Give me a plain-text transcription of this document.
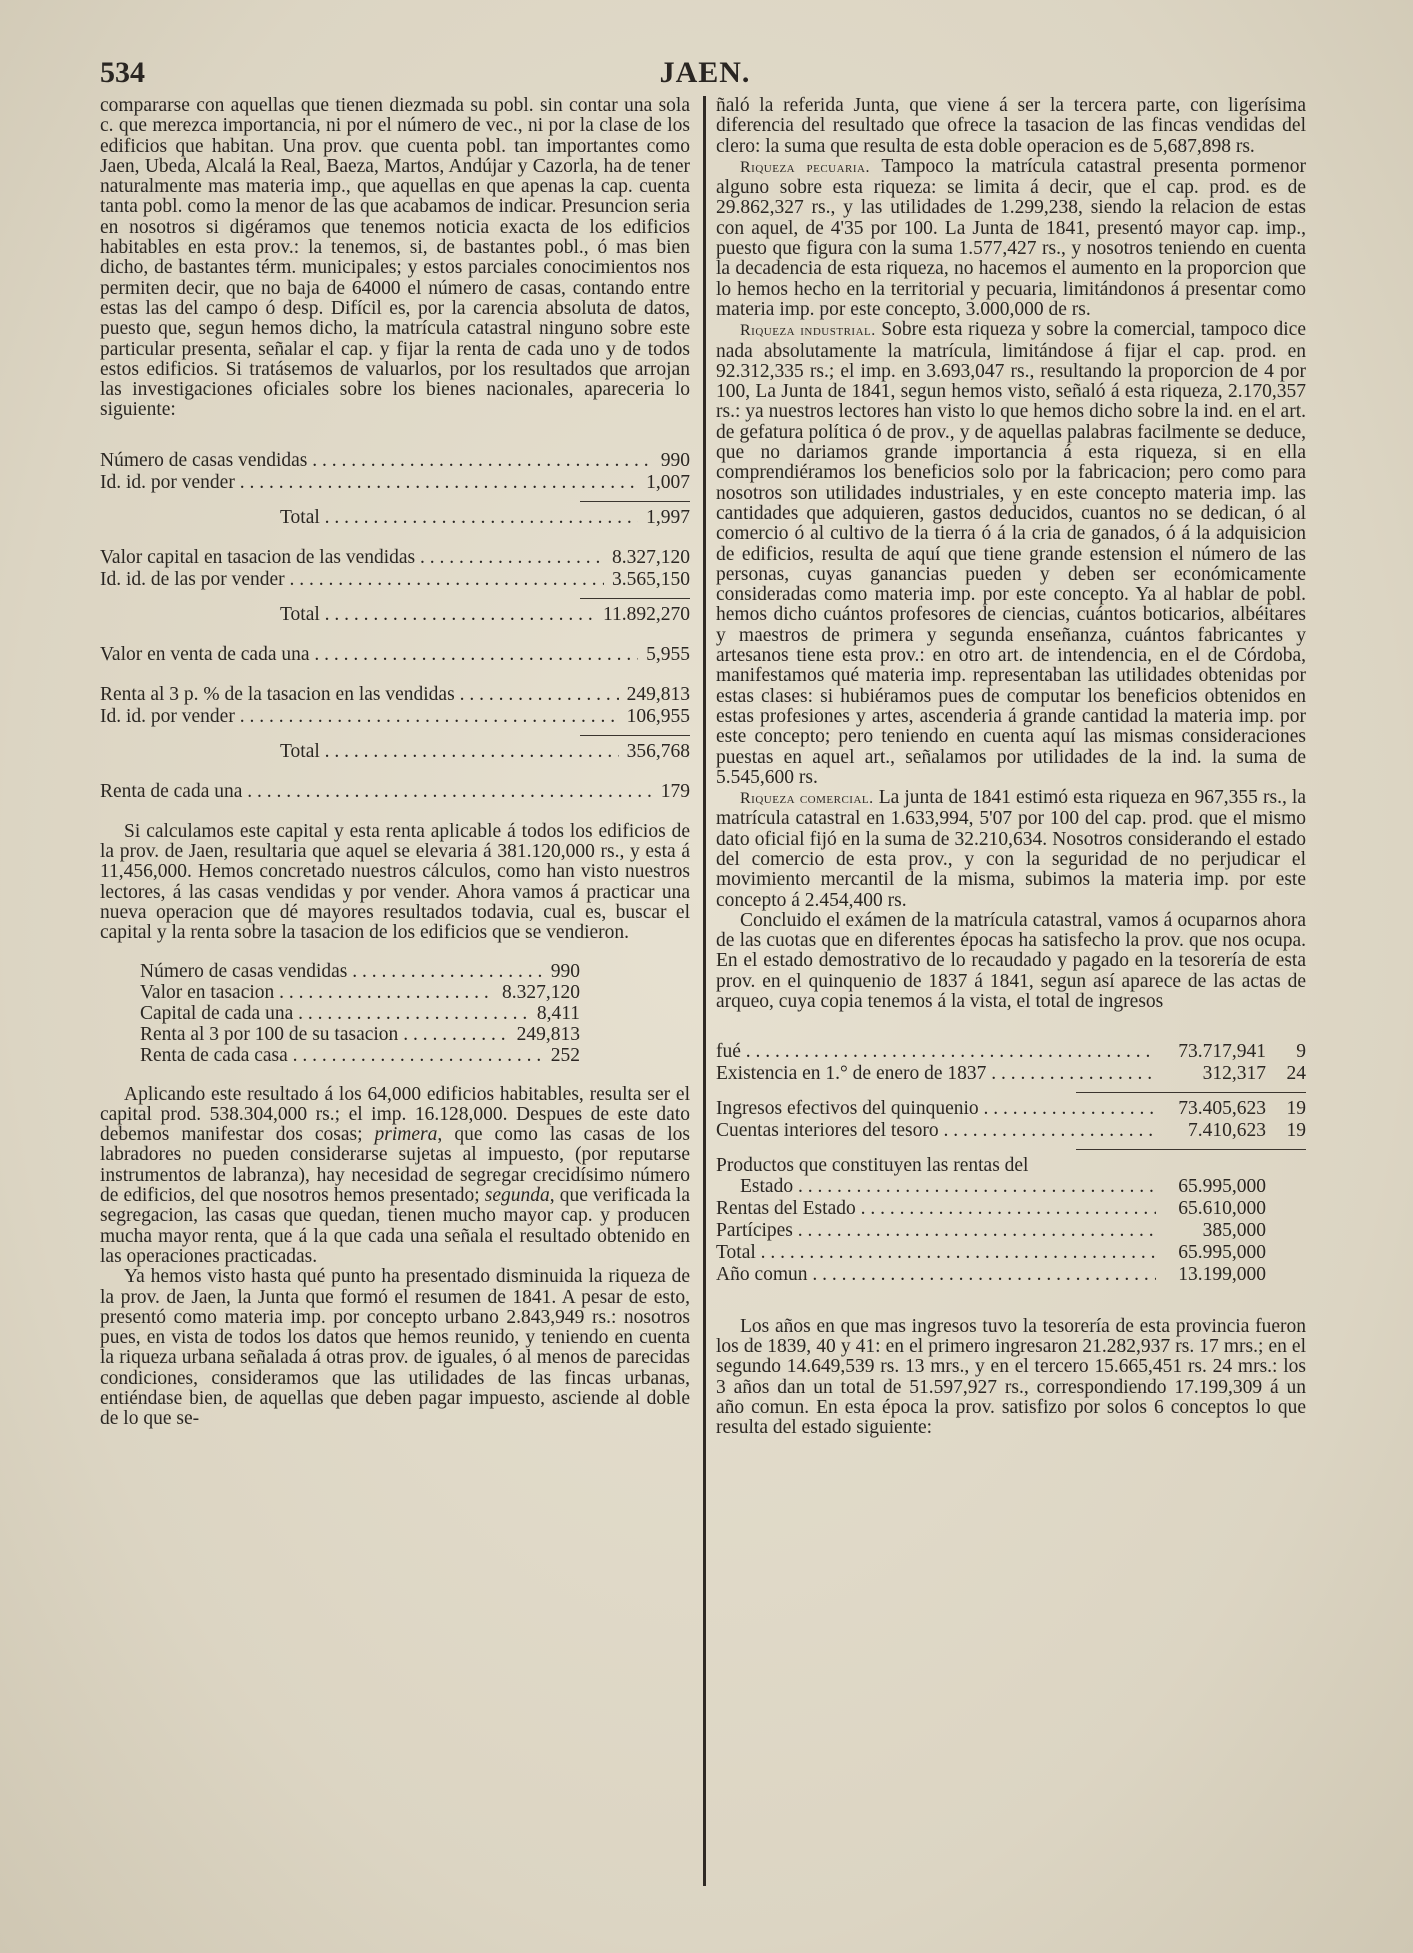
534	JAEN.

compararse con aquellas que tienen diezmada su pobl. sin contar una sola c. que merezca importancia, ni por el número de vec., ni por la clase de los edificios que habitan. Una prov. que cuenta pobl. tan importantes como Jaen, Ubeda, Alcalá la Real, Baeza, Martos, Andújar y Cazorla, ha de tener naturalmente mas materia imp., que aquellas en que apenas la cap. cuenta tanta pobl. como la menor de las que acabamos de indicar. Presuncion seria en nosotros si digéramos que tenemos noticia exacta de los edificios habitables en esta prov.: la tenemos, si, de bastantes pobl., ó mas bien dicho, de bastantes térm. municipales; y estos parciales conocimientos nos permiten decir, que no baja de 64000 el número de casas, contando entre estas las del campo ó desp. Difícil es, por la carencia absoluta de datos, puesto que, segun hemos dicho, la matrícula catastral ninguno sobre este particular presenta, señalar el cap. y fijar la renta de cada uno y de todos estos edificios. Si tratásemos de valuarlos, por los resultados que arrojan las investigaciones oficiales sobre los bienes nacionales, apareceria lo siguiente:

Número de casas vendidas . . .	990
Id. id. por vender . . .	1,007
Total . . .	1,997
Valor capital en tasacion de las vendidas . . .	8.327,120
Id. id. de las por vender . . .	3.565,150
Total . . .	11.892,270
Valor en venta de cada una . . .	5,955
Renta al 3 p. % de la tasacion en las vendidas . . .	249,813
Id. id. por vender . . .	106,955
Total . . .	356,768
Renta de cada una . . .	179

Si calculamos este capital y esta renta aplicable á todos los edificios de la prov. de Jaen, resultaria que aquel se elevaria á 381.120,000 rs., y esta á 11,456,000. Hemos concretado nuestros cálculos, como han visto nuestros lectores, á las casas vendidas y por vender. Ahora vamos á practicar una nueva operacion que dé mayores resultados todavia, cual es, buscar el capital y la renta sobre la tasacion de los edificios que se vendieron.

Número de casas vendidas . . .	990
Valor en tasacion . . .	8.327,120
Capital de cada una . . .	8,411
Renta al 3 por 100 de su tasacion . . .	249,813
Renta de cada casa . . .	252

Aplicando este resultado á los 64,000 edificios habitables, resulta ser el capital prod. 538.304,000 rs.; el imp. 16.128,000. Despues de este dato debemos manifestar dos cosas; primera, que como las casas de los labradores no pueden considerarse sujetas al impuesto, (por reputarse instrumentos de labranza), hay necesidad de segregar crecidísimo número de edificios, del que nosotros hemos presentado; segunda, que verificada la segregacion, las casas que quedan, tienen mucho mayor cap. y producen mucha mayor renta, que á la que cada una señala el resultado obtenido en las operaciones practicadas.

Ya hemos visto hasta qué punto ha presentado disminuida la riqueza de la prov. de Jaen, la Junta que formó el resumen de 1841. A pesar de esto, presentó como materia imp. por concepto urbano 2.843,949 rs.: nosotros pues, en vista de todos los datos que hemos reunido, y teniendo en cuenta la riqueza urbana señalada á otras prov. de iguales, ó al menos de parecidas condiciones, consideramos que las utilidades de las fincas urbanas, entiéndase bien, de aquellas que deben pagar impuesto, asciende al doble de lo que se-

ñaló la referida Junta, que viene á ser la tercera parte, con ligerísima diferencia del resultado que ofrece la tasacion de las fincas vendidas del clero: la suma que resulta de esta doble operacion es de 5,687,898 rs.

Riqueza pecuaria. Tampoco la matrícula catastral presenta pormenor alguno sobre esta riqueza: se limita á decir, que el cap. prod. es de 29.862,327 rs., y las utilidades de 1.299,238, siendo la relacion de estas con aquel, de 4'35 por 100. La Junta de 1841, presentó mayor cap. imp., puesto que figura con la suma 1.577,427 rs., y nosotros teniendo en cuenta la decadencia de esta riqueza, no hacemos el aumento en la proporcion que lo hemos hecho en la territorial y pecuaria, limitándonos á presentar como materia imp. por este concepto, 3.000,000 de rs.

Riqueza industrial. Sobre esta riqueza y sobre la comercial, tampoco dice nada absolutamente la matrícula, limitándose á fijar el cap. prod. en 92.312,335 rs.; el imp. en 3.693,047 rs., resultando la proporcion de 4 por 100, La Junta de 1841, segun hemos visto, señaló á esta riqueza, 2.170,357 rs.: ya nuestros lectores han visto lo que hemos dicho sobre la ind. en el art. de gefatura política ó de prov., y de aquellas palabras facilmente se deduce, que no dariamos grande importancia á esta riqueza, si en ella comprendiéramos los beneficios solo por la fabricacion; pero como para nosotros son utilidades industriales, y en este concepto materia imp. las cantidades que adquieren, gastos deducidos, cuantos no se dedican, ó al comercio ó al cultivo de la tierra ó á la cria de ganados, ó á la adquisicion de edificios, resulta de aquí que tiene grande estension el número de las personas, cuyas ganancias pueden y deben ser económicamente consideradas como materia imp. por este concepto. Ya al hablar de pobl. hemos dicho cuántos profesores de ciencias, cuántos boticarios, albéitares y maestros de primera y segunda enseñanza, cuántos fabricantes y artesanos tiene esta prov.: en otro art. de intendencia, en el de Córdoba, manifestamos qué materia imp. representaban las utilidades obtenidas por estas clases: si hubiéramos pues de computar los beneficios obtenidos en estas profesiones y artes, ascenderia á grande cantidad la materia imp. por este concepto; pero teniendo en cuenta aquí las mismas consideraciones puestas en aquel art., señalamos por utilidades de la ind. la suma de 5.545,600 rs.

Riqueza comercial. La junta de 1841 estimó esta riqueza en 967,355 rs., la matrícula catastral en 1.633,994, 5'07 por 100 del cap. prod. que el mismo dato oficial fijó en la suma de 32.210,634. Nosotros considerando el estado del comercio de esta prov., y con la seguridad de no perjudicar el movimiento mercantil de la misma, subimos la materia imp. por este concepto á 2.454,400 rs.

Concluido el exámen de la matrícula catastral, vamos á ocuparnos ahora de las cuotas que en diferentes épocas ha satisfecho la prov. que nos ocupa. En el estado demostrativo de lo recaudado y pagado en la tesorería de esta prov. en el quinquenio de 1837 á 1841, segun así aparece de las actas de arqueo, cuya copia tenemos á la vista, el total de ingresos

fué . . .	73.717,941	9
Existencia en 1.° de enero de 1837 . . .	312,317	24
Ingresos efectivos del quinquenio . . .	73.405,623	19
Cuentas interiores del tesoro . . .	7.410,623	19

Productos que constituyen las rentas del

Estado . . .	65.995,000
Rentas del Estado . . .	65.610,000
Partícipes . . .	385,000
Total . . .	65.995,000
Año comun . . .	13.199,000

Los años en que mas ingresos tuvo la tesorería de esta provincia fueron los de 1839, 40 y 41: en el primero ingresaron 21.282,937 rs. 17 mrs.; en el segundo 14.649,539 rs. 13 mrs., y en el tercero 15.665,451 rs. 24 mrs.: los 3 años dan un total de 51.597,927 rs., correspondiendo 17.199,309 á un año comun. En esta época la prov. satisfizo por solos 6 conceptos lo que resulta del estado siguiente:
